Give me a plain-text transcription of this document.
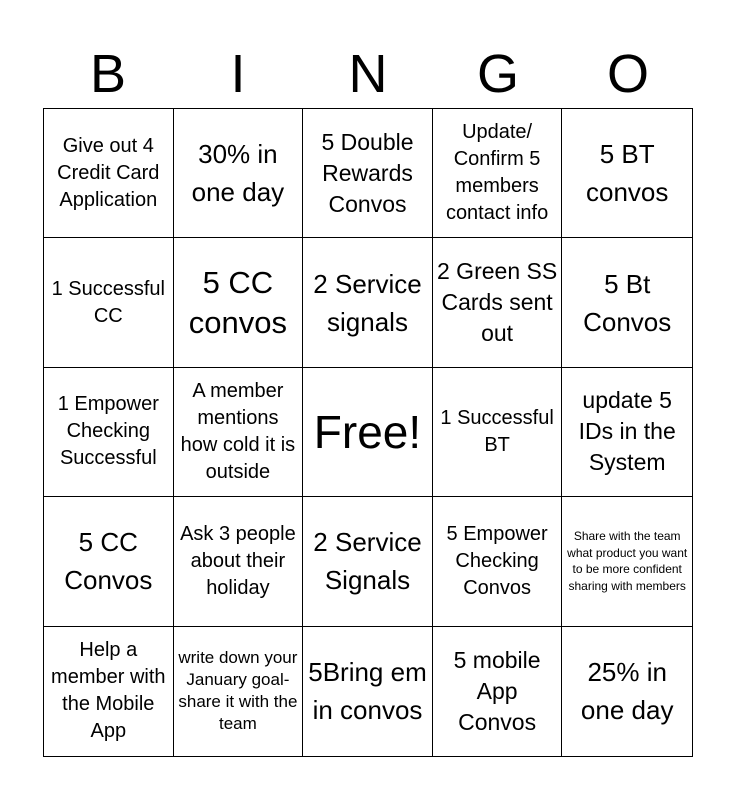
B	I	N	G	O
Give out 4 Credit Card Application
30% in one day
5 Double Rewards Convos
Update/ Confirm 5 members contact info
5 BT convos
1 Successful CC
5 CC convos
2 Service signals
2 Green SS Cards sent out
5 Bt Convos
1 Empower Checking Successful
A member mentions how cold it is outside
Free! 1 Successful BT
update 5 IDs in the System
5 CC Convos
Ask 3 people about their holiday
2 Service Signals
5 Empower Checking Convos
Share with the team what product you want to be more confident sharing with members
Help a member with the Mobile App
write down your January goal- share it with the team
5Bring em in convos
5 mobile App Convos
25% in one day
